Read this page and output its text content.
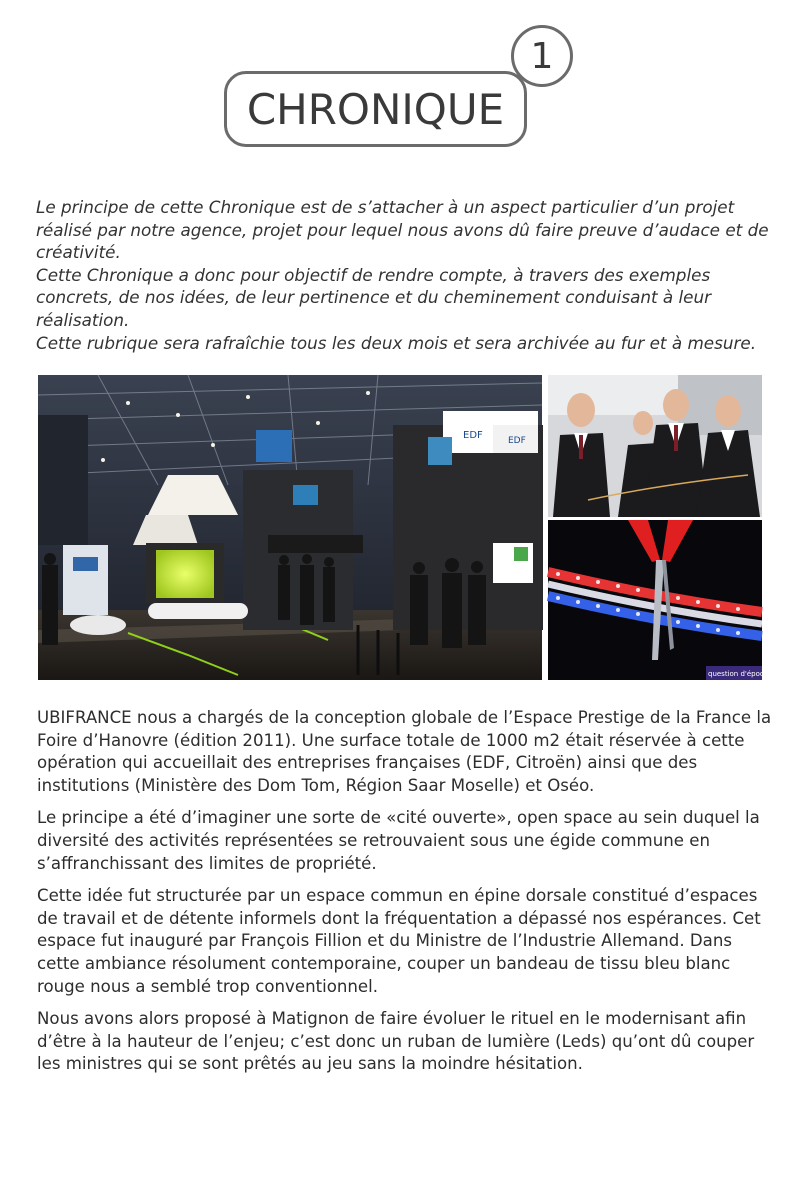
CHRONIQUE
1

Le principe de cette Chronique est de s’attacher à un aspect particulier d’un projet réalisé par notre agence, projet pour lequel nous avons dû faire preuve d’audace et de créativité.

Cette Chronique a donc pour objectif de rendre compte, à travers des exemples concrets, de nos idées, de leur pertinence et du cheminement conduisant à leur réalisation.

Cette rubrique sera rafraîchie tous les deux mois et sera archivée au fur et à mesure.

EDF	EDF
question d'époque

UBIFRANCE nous a chargés de la conception globale de l’Espace Prestige de la France la Foire d’Hanovre (édition 2011). Une surface totale de 1000 m2 était réservée à cette opération qui accueillait des entreprises françaises (EDF, Citroën) ainsi que des institutions (Ministère des Dom Tom, Région Saar Moselle) et Oséo.

Le principe a été d’imaginer une sorte de «cité ouverte», open space au sein duquel la diversité des activités représentées se retrouvaient sous une égide commune en s’affranchissant des limites de propriété.

Cette idée fut structurée par un espace commun en épine dorsale constitué d’espaces de travail et de détente informels dont la fréquentation a dépassé nos espérances. Cet espace fut inauguré par François Fillion et du Ministre de l’Industrie Allemand. Dans cette ambiance résolument contemporaine, couper un bandeau de tissu bleu blanc rouge nous a semblé trop conventionnel.

Nous avons alors proposé à Matignon de faire évoluer le rituel en le modernisant afin d’être à la hauteur de l’enjeu; c’est donc un ruban de lumière (Leds) qu’ont dû couper les ministres qui se sont prêtés au jeu sans la moindre hésitation.
